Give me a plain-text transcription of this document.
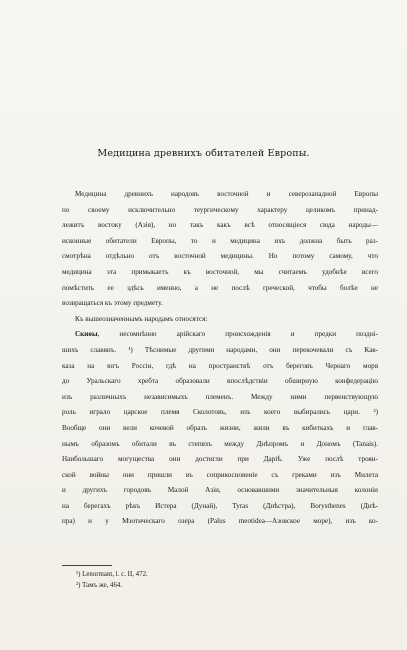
Медицина древнихъ обитателей Европы.

Медицина древнихъ народовъ восточной и северозападной Европы

по своему исключительно теургическому характеру целикомъ принад-

лежитъ востоку (Азія), но такъ какъ всѣ относящіеся сюда народы—

исконные обитатели Европы, то и медицина ихъ должна быть раз-

смотрѣна отдѣльно отъ восточной медицины. Но потому самому, что

медицина эта примыкаетъ къ восточной, мы считаемъ удобнѣе всего

помѣстить ее здѣсь именно, а не послѣ греческой, чтобы болѣе не

возвращаться къ этому предмету.

Къ вышеозначеннымъ народамъ относятся:

Скиөы, несомнѣнно арійскаго происхожденія и предки поздні-

шихъ славянъ. ¹) Тѣснимые другими народами, они перекочевали съ Кав-

каза на югъ Россіи, гдѣ на пространствѣ отъ береговъ Чернаго моря

до Уральскаго хребта образовали впослѣдствіи обширную конфедерацію

изъ различныхъ независимыхъ племенъ. Между ними первенствующую

роль играло царское племя Сколотовъ, изъ коего выбирались цари. ²)

Вообще они вели кочевой образъ жизни, жили въ кибиткахъ и глав-

нымъ образомъ обитали въ степяхъ между Днѣпромъ и Дономъ (Tanais).

Наибольшаго могущества они достигли при Даріѣ. Уже послѣ троян-

ской войны они пришли въ соприкосновеніе съ греками изъ Милета

и другихъ городовъ Малой Азіи, основавшими значительныя колоніи

на берегахъ рѣкъ Истера (Дунай), Tyras (Днѣстра), Borysthenes (Днѣ-

пра) и у Мэотическаго озера (Palus meotidea—Азовское море), изъ ко-

¹) Lenormant, l. c. II, 472.
²) Тамъ же, 464.
